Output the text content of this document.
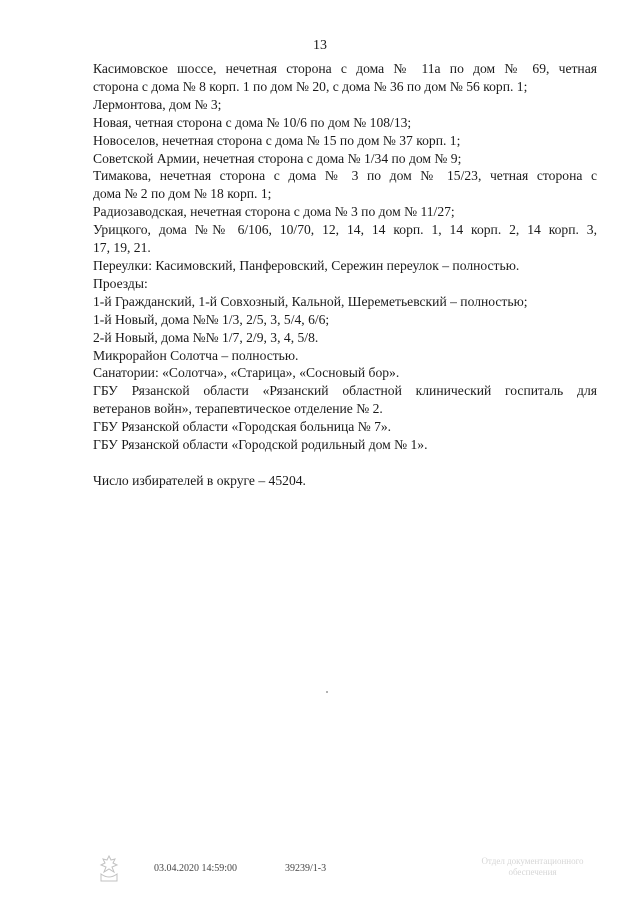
13
Касимовское шоссе, нечетная сторона с дома № 11а по дом № 69, четная
сторона с дома № 8 корп. 1 по дом № 20, с дома № 36 по дом № 56 корп. 1;
Лермонтова, дом № 3;
Новая, четная сторона с дома № 10/6 по дом № 108/13;
Новоселов, нечетная сторона с дома № 15 по дом № 37 корп. 1;
Советской Армии, нечетная сторона с дома № 1/34 по дом № 9;
Тимакова, нечетная сторона с дома № 3 по дом № 15/23, четная сторона с
дома № 2 по дом № 18 корп. 1;
Радиозаводская, нечетная сторона с дома № 3 по дом № 11/27;
Урицкого, дома №№ 6/106, 10/70, 12, 14, 14 корп. 1, 14 корп. 2, 14 корп. 3,
17, 19, 21.
Переулки: Касимовский, Панферовский, Сережин переулок – полностью.
Проезды:
1-й Гражданский, 1-й Совхозный, Кальной, Шереметьевский – полностью;
1-й Новый, дома №№ 1/3, 2/5, 3, 5/4, 6/6;
2-й Новый, дома №№ 1/7, 2/9, 3, 4, 5/8.
Микрорайон Солотча – полностью.
Санатории: «Солотча», «Старица», «Сосновый бор».
ГБУ Рязанской области «Рязанский областной клинический госпиталь для
ветеранов войн», терапевтическое отделение № 2.
ГБУ Рязанской области «Городская больница № 7».
ГБУ Рязанской области «Городской родильный дом № 1».
Число избирателей в округе – 45204.
03.04.2020 14:59:00	39239/1-3
Отдел документационного
обеспечения
